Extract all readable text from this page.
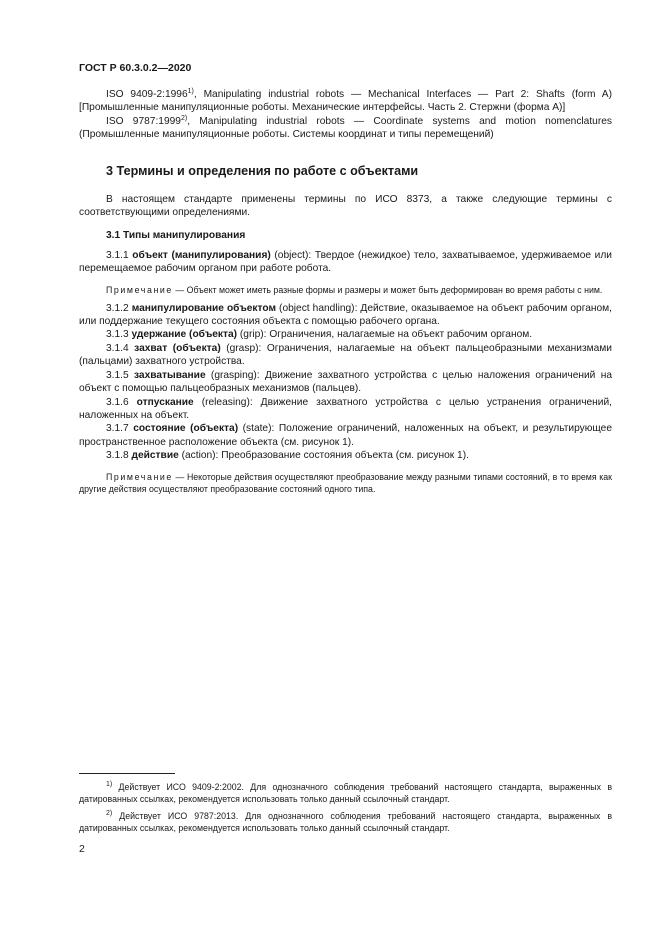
ГОСТ Р 60.3.0.2—2020

ISO 9409-2:1996$^{1)}$, Manipulating industrial robots — Mechanical Interfaces — Part 2: Shafts (form A) [Промышленные манипуляционные роботы. Механические интерфейсы. Часть 2. Стержни (форма А)]

ISO 9787:1999$^{2)}$, Manipulating industrial robots — Coordinate systems and motion nomenclatures (Промышленные манипуляционные роботы. Системы координат и типы перемещений)

3 Термины и определения по работе с объектами

В настоящем стандарте применены термины по ИСО 8373, а также следующие термины с соответствующими определениями.

3.1 Типы манипулирования

3.1.1 объект (манипулирования) (object): Твердое (нежидкое) тело, захватываемое, удерживаемое или перемещаемое рабочим органом при работе робота.

Примечание — Объект может иметь разные формы и размеры и может быть деформирован во время работы с ним.

3.1.2 манипулирование объектом (object handling): Действие, оказываемое на объект рабочим органом, или поддержание текущего состояния объекта с помощью рабочего органа.

3.1.3 удержание (объекта) (grip): Ограничения, налагаемые на объект рабочим органом.

3.1.4 захват (объекта) (grasp): Ограничения, налагаемые на объект пальцеобразными механизмами (пальцами) захватного устройства.

3.1.5 захватывание (grasping): Движение захватного устройства с целью наложения ограничений на объект с помощью пальцеобразных механизмов (пальцев).

3.1.6 отпускание (releasing): Движение захватного устройства с целью устранения ограничений, наложенных на объект.

3.1.7 состояние (объекта) (state): Положение ограничений, наложенных на объект, и результирующее пространственное расположение объекта (см. рисунок 1).

3.1.8 действие (action): Преобразование состояния объекта (см. рисунок 1).

Примечание — Некоторые действия осуществляют преобразование между разными типами состояний, в то время как другие действия осуществляют преобразование состояний одного типа.

$^{1)}$ Действует ИСО 9409-2:2002. Для однозначного соблюдения требований настоящего стандарта, выраженных в датированных ссылках, рекомендуется использовать только данный ссылочный стандарт.

$^{2)}$ Действует ИСО 9787:2013. Для однозначного соблюдения требований настоящего стандарта, выраженных в датированных ссылках, рекомендуется использовать только данный ссылочный стандарт.

2
